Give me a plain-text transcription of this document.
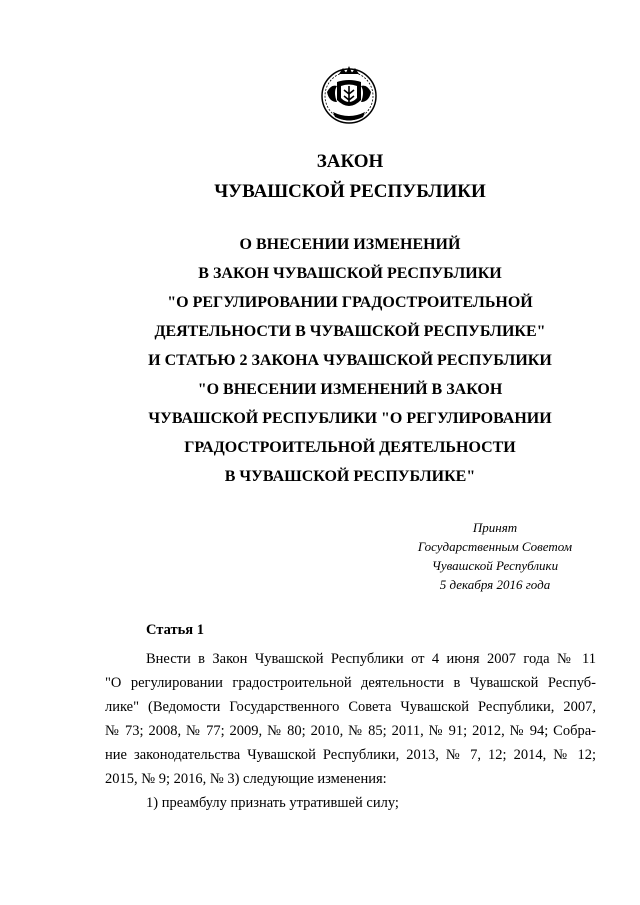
ЗАКОН
ЧУВАШСКОЙ РЕСПУБЛИКИ
О ВНЕСЕНИИ ИЗМЕНЕНИЙ
В ЗАКОН ЧУВАШСКОЙ РЕСПУБЛИКИ
"О РЕГУЛИРОВАНИИ ГРАДОСТРОИТЕЛЬНОЙ
ДЕЯТЕЛЬНОСТИ В ЧУВАШСКОЙ РЕСПУБЛИКЕ"
И СТАТЬЮ 2 ЗАКОНА ЧУВАШСКОЙ РЕСПУБЛИКИ
"О ВНЕСЕНИИ ИЗМЕНЕНИЙ В ЗАКОН
ЧУВАШСКОЙ РЕСПУБЛИКИ "О РЕГУЛИРОВАНИИ
ГРАДОСТРОИТЕЛЬНОЙ ДЕЯТЕЛЬНОСТИ
В ЧУВАШСКОЙ РЕСПУБЛИКЕ"
Принят
Государственным Советом
Чувашской Республики
5 декабря 2016 года
Статья 1
Внести в Закон Чувашской Республики от 4 июня 2007 года № 11
"О регулировании градостроительной деятельности в Чувашской Респуб-
лике" (Ведомости Государственного Совета Чувашской Республики, 2007,
№ 73; 2008, № 77; 2009, № 80; 2010, № 85; 2011, № 91; 2012, № 94; Собра-
ние законодательства Чувашской Республики, 2013, № 7, 12; 2014, № 12;
2015, № 9; 2016, № 3) следующие изменения:
1) преамбулу признать утратившей силу;
